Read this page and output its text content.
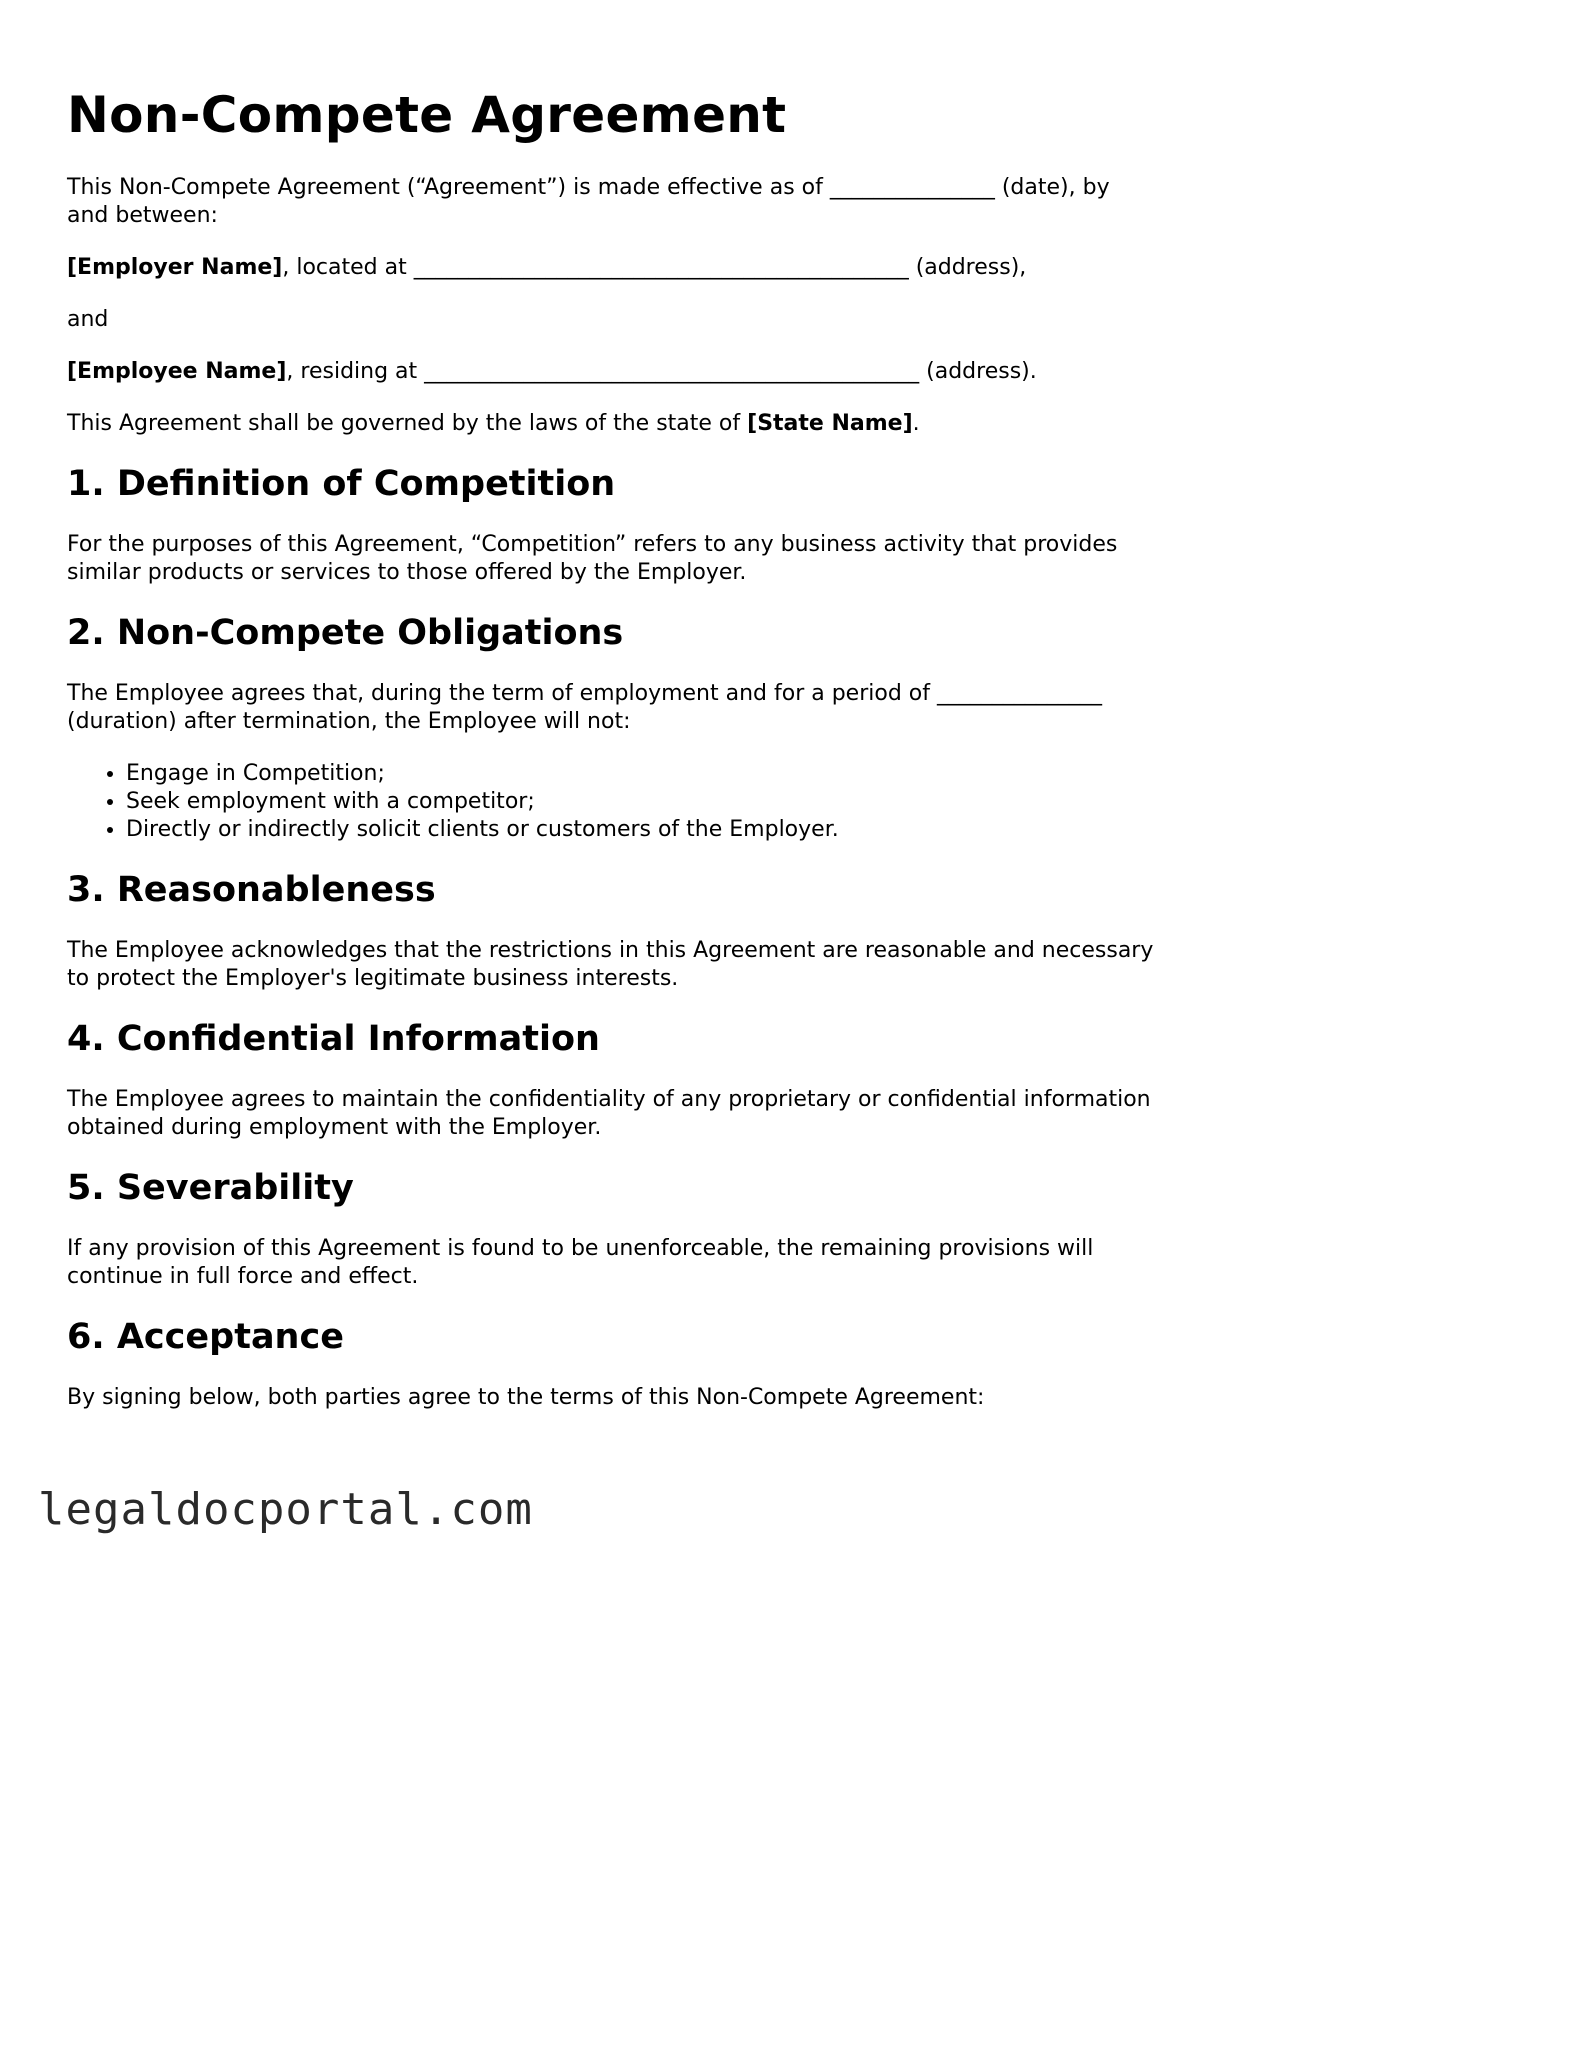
Non-Compete Agreement

This Non-Compete Agreement (“Agreement”) is made effective as of _______________ (date), by and between:

[Employer Name], located at _____________________________________________ (address),

and

[Employee Name], residing at _____________________________________________ (address).

This Agreement shall be governed by the laws of the state of [State Name].

1. Definition of Competition

For the purposes of this Agreement, “Competition” refers to any business activity that provides similar products or services to those offered by the Employer.

2. Non-Compete Obligations

The Employee agrees that, during the term of employment and for a period of _______________ (duration) after termination, the Employee will not:

• Engage in Competition;
• Seek employment with a competitor;
• Directly or indirectly solicit clients or customers of the Employer.
3. Reasonableness

The Employee acknowledges that the restrictions in this Agreement are reasonable and necessary to protect the Employer's legitimate business interests.

4. Confidential Information

The Employee agrees to maintain the confidentiality of any proprietary or confidential information obtained during employment with the Employer.

5. Severability

If any provision of this Agreement is found to be unenforceable, the remaining provisions will continue in full force and effect.

6. Acceptance

By signing below, both parties agree to the terms of this Non-Compete Agreement:

legaldocportal.com
